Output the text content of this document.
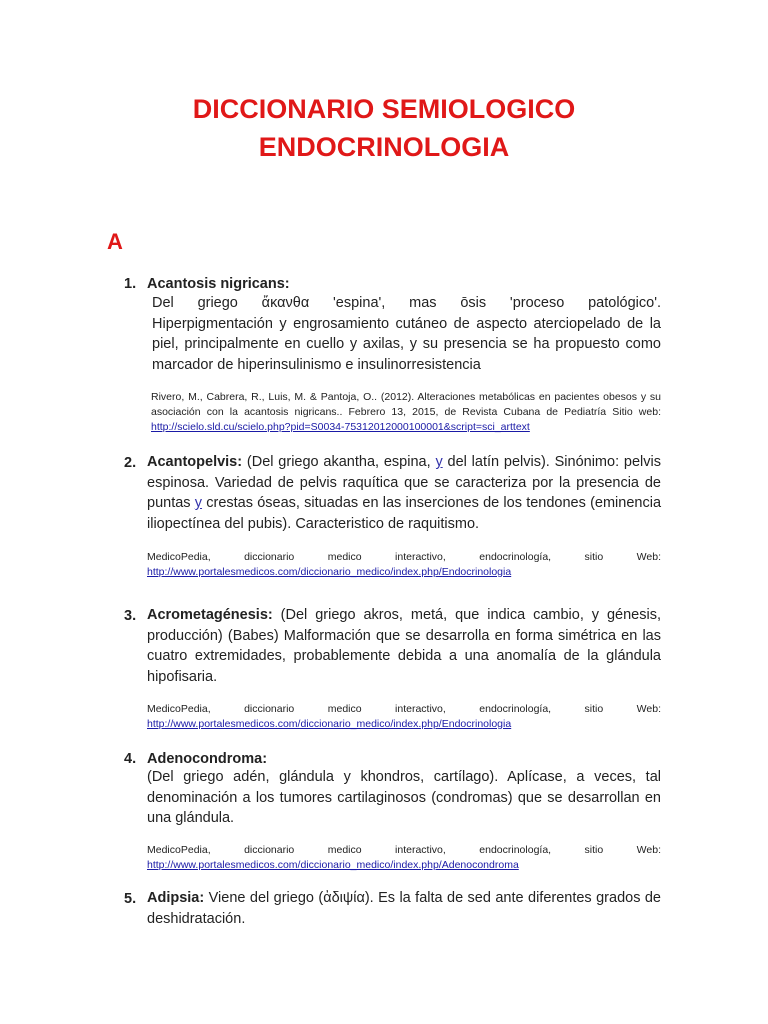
DICCIONARIO SEMIOLOGICO
ENDOCRINOLOGIA
A
1. Acantosis nigricans:
Del griego ἄκανθα 'espina', mas ōsis 'proceso patológico'.
Hiperpigmentación y engrosamiento cutáneo de aspecto aterciopelado de la piel, principalmente en cuello y axilas, y su presencia se ha propuesto como marcador de hiperinsulinismo e insulinorresistencia
Rivero, M., Cabrera, R., Luis, M. & Pantoja, O.. (2012). Alteraciones metabólicas en pacientes obesos y su asociación con la acantosis nigricans.. Febrero 13, 2015, de Revista Cubana de Pediatría Sitio web: http://scielo.sld.cu/scielo.php?pid=S0034-75312012000100001&script=sci_arttext
2. Acantopelvis: (Del griego akantha, espina, y del latín pelvis). Sinónimo: pelvis espinosa. Variedad de pelvis raquítica que se caracteriza por la presencia de puntas y crestas óseas, situadas en las inserciones de los tendones (eminencia iliopectínea del pubis). Caracteristico de raquitismo.
MedicoPedia, diccionario medico interactivo, endocrinología, sitio Web:
http://www.portalesmedicos.com/diccionario_medico/index.php/Endocrinologia
3. Acrometagénesis: (Del griego akros, metá, que indica cambio, y génesis, producción) (Babes) Malformación que se desarrolla en forma simétrica en las cuatro extremidades, probablemente debida a una anomalía de la glándula hipofisaria.
MedicoPedia, diccionario medico interactivo, endocrinología, sitio Web:
http://www.portalesmedicos.com/diccionario_medico/index.php/Endocrinologia
4. Adenocondroma:
(Del griego adén, glándula y khondros, cartílago). Aplícase, a veces, tal denominación a los tumores cartilaginosos (condromas) que se desarrollan en una glándula.
MedicoPedia, diccionario medico interactivo, endocrinología, sitio Web:
http://www.portalesmedicos.com/diccionario_medico/index.php/Adenocondroma
5. Adipsia: Viene del griego (ἀδιψία). Es la falta de sed ante diferentes grados de deshidratación.
